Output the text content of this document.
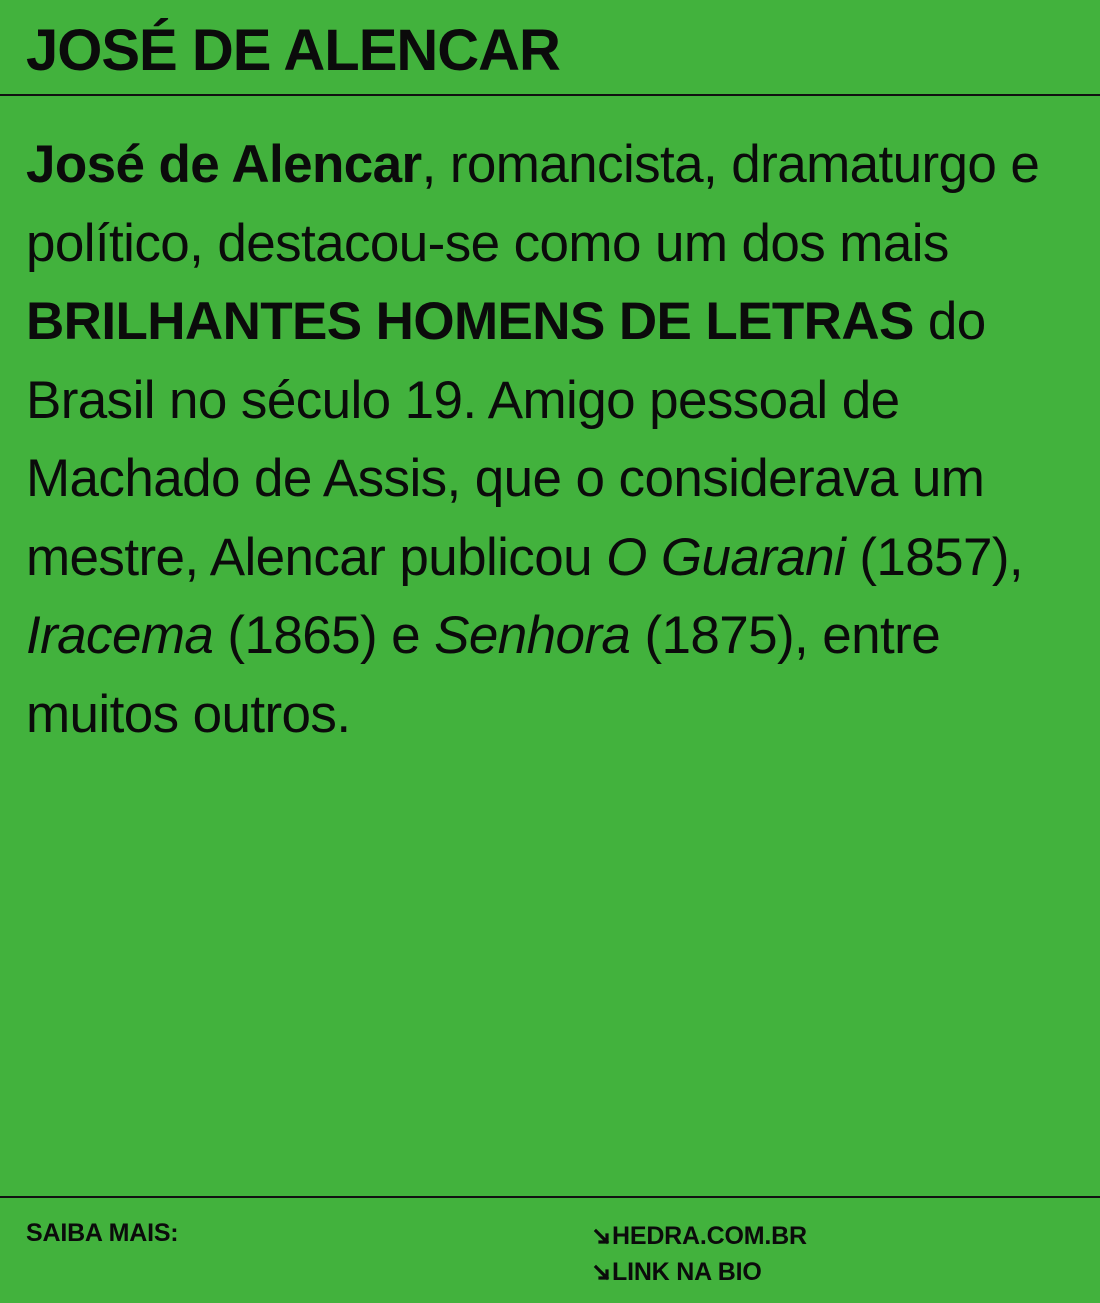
JOSÉ DE ALENCAR

José de Alencar, romancista, dramaturgo e político, destacou-se como um dos mais BRILHANTES HOMENS DE LETRAS do Brasil no século 19. Amigo pessoal de Machado de Assis, que o considerava um mestre, Alencar publicou O Guarani (1857), Iracema (1865) e Senhora (1875), entre muitos outros.

SAIBA MAIS:	HEDRA.COM.BR
LINK NA BIO
